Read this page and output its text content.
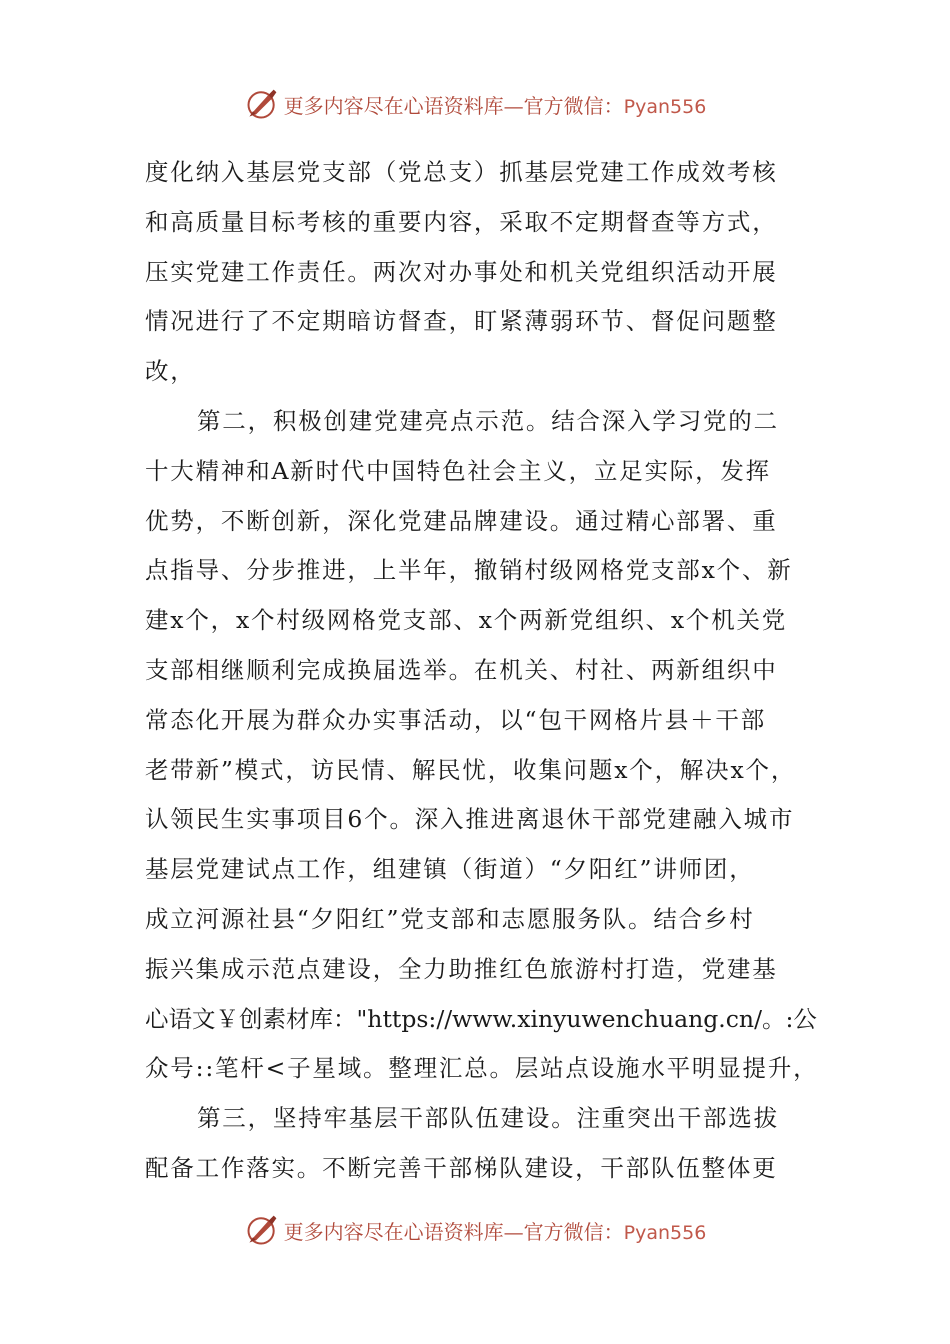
更多内容尽在心语资料库—官方微信：Pyan556
度化纳入基层党支部（党总支）抓基层党建工作成效考核
和高质量目标考核的重要内容，采取不定期督查等方式，
压实党建工作责任。两次对办事处和机关党组织活动开展
情况进行了不定期暗访督查，盯紧薄弱环节、督促问题整
改，
第二，积极创建党建亮点示范。结合深入学习党的二
十大精神和A新时代中国特色社会主义，立足实际，发挥
优势，不断创新，深化党建品牌建设。通过精心部署、重
点指导、分步推进，上半年，撤销村级网格党支部x个、新
建x个，x个村级网格党支部、x个两新党组织、x个机关党
支部相继顺利完成换届选举。在机关、村社、两新组织中
常态化开展为群众办实事活动，以“包干网格片县＋干部
老带新”模式，访民情、解民忧，收集问题x个，解决x个，
认领民生实事项目6个。深入推进离退休干部党建融入城市
基层党建试点工作，组建镇（街道）“夕阳红”讲师团，
成立河源社县“夕阳红”党支部和志愿服务队。结合乡村
振兴集成示范点建设，全力助推红色旅游村打造，党建基
心语文￥创素材库："https://www.xinyuwenchuang.cn/。:公
众号::笔杆<子星域。整理汇总。层站点设施水平明显提升，
第三，坚持牢基层干部队伍建设。注重突出干部选拔
配备工作落实。不断完善干部梯队建设，干部队伍整体更
更多内容尽在心语资料库—官方微信：Pyan556
